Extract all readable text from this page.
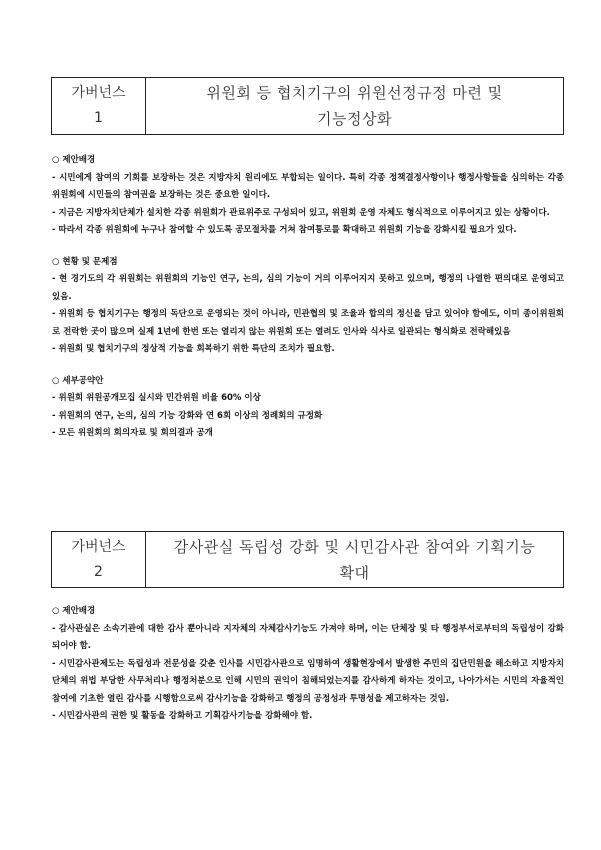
가버넌스
1
위원회 등 협치기구의 위원선정규정 마련 및
기능정상화
○ 제안배경

- 시민에게 참여의 기회를 보장하는 것은 지방자치 원리에도 부합되는 일이다. 특히 각종 정책결정사항이나 행정사항들을 심의하는 각종 위원회에 시민들의 참여권을 보장하는 것은 중요한 일이다.

- 지금은 지방자치단체가 설치한 각종 위원회가 관료위주로 구성되어 있고, 위원회 운영 자체도 형식적으로 이루어지고 있는 상황이다.

- 따라서 각종 위원회에 누구나 참여할 수 있도록 공모절차를 거쳐 참여통로를 확대하고 위원회 기능을 강화시킬 필요가 있다.

○ 현황 및 문제점

- 현 경기도의 각 위원회는 위원회의 기능인 연구, 논의, 심의 기능이 거의 이루어지지 못하고 있으며, 행정의 나열한 편의대로 운영되고 있음.

- 위원회 등 협치기구는 행정의 독단으로 운영되는 것이 아니라, 민관협의 및 조율과 합의의 정신을 담고 있어야 함에도, 이미 종이위원회로 전락한 곳이 많으며 실제 1년에 한번 또는 열리지 않는 위원회 또는 열려도 인사와 식사로 일관되는 형식화로 전락해있음

- 위원회 및 협치기구의 정상적 기능을 회복하기 위한 특단의 조치가 필요함.

○ 세부공약안

- 위원회 위원공개모집 실시와 민간위원 비율 60% 이상

- 위원회의 연구, 논의, 심의 기능 강화와 연 6회 이상의 정례회의 규정화

- 모든 위원회의 회의자료 및 회의결과 공개

가버넌스
2
감사관실 독립성 강화 및 시민감사관 참여와 기획기능
확대
○ 제안배경

- 감사관실은 소속기관에 대한 감사 뿐아니라 지자체의 자체감사기능도 가져야 하며, 이는 단체장 및 타 행정부서로부터의 독립성이 강화되어야 함.

- 시민감사관제도는 독립성과 전문성을 갖춘 인사를 시민감사관으로 임명하여 생활현장에서 발생한 주민의 집단민원을 해소하고 지방자치단체의 위법 부당한 사무처리나 행정처분으로 인해 시민의 권익이 침해되었는지를 감사하게 하자는 것이고, 나아가서는 시민의 자율적인 참여에 기초한 열린 감사를 시행함으로써 감사기능을 강화하고 행정의 공정성과 투명성을 제고하자는 것임.

- 시민감사관의 권한 및 활동을 강화하고 기획감사기능을 강화해야 함.
